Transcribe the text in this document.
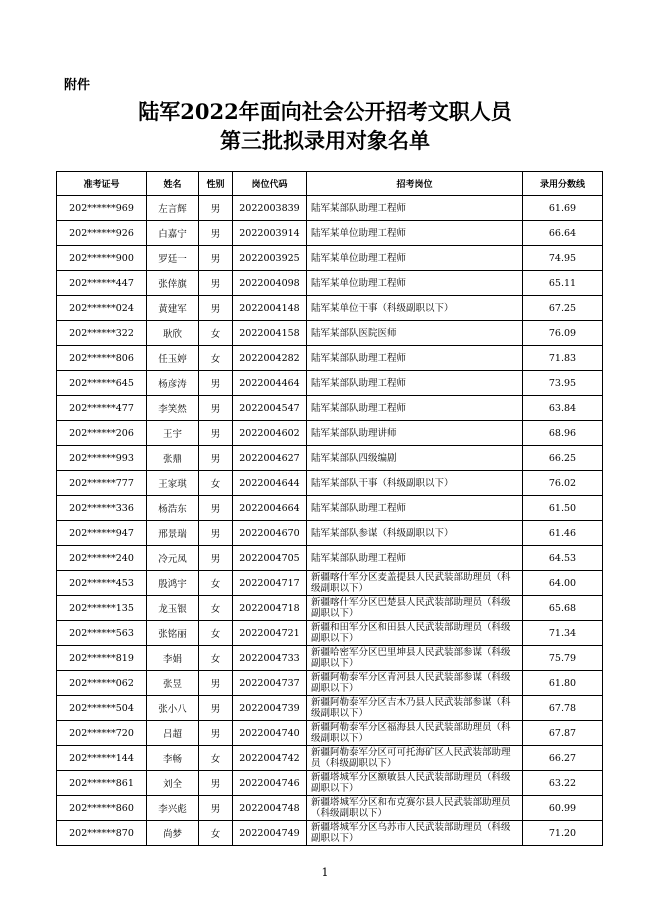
附件
陆军2022年面向社会公开招考文职人员
第三批拟录用对象名单
准考证号	姓名	性别	岗位代码	招考岗位	录用分数线
202******969	左言辉	男	2022003839	陆军某部队助理工程师	61.69
202******926	白嘉宁	男	2022003914	陆军某单位助理工程师	66.64
202******900	罗廷一	男	2022003925	陆军某单位助理工程师	74.95
202******447	张倖旗	男	2022004098	陆军某单位助理工程师	65.11
202******024	黄建军	男	2022004148	陆军某单位干事（科级副职以下）	67.25
202******322	耿欣	女	2022004158	陆军某部队医院医师	76.09
202******806	任玉婷	女	2022004282	陆军某部队助理工程师	71.83
202******645	杨彦涛	男	2022004464	陆军某部队助理工程师	73.95
202******477	李笑然	男	2022004547	陆军某部队助理工程师	63.84
202******206	王宇	男	2022004602	陆军某部队助理讲师	68.96
202******993	张鼎	男	2022004627	陆军某部队四级编剧	66.25
202******777	王家琪	女	2022004644	陆军某部队干事（科级副职以下）	76.02
202******336	杨浩东	男	2022004664	陆军某部队助理工程师	61.50
202******947	邢景瑞	男	2022004670	陆军某部队参谋（科级副职以下）	61.46
202******240	冷元凤	男	2022004705	陆军某部队助理工程师	64.53
202******453	殷鸿宇	女	2022004717	新疆喀什军分区麦盖提县人民武装部助理员（科级副职以下）	64.00
202******135	龙玉银	女	2022004718	新疆喀什军分区巴楚县人民武装部助理员（科级副职以下）	65.68
202******563	张铭丽	女	2022004721	新疆和田军分区和田县人民武装部助理员（科级副职以下）	71.34
202******819	李娟	女	2022004733	新疆哈密军分区巴里坤县人民武装部参谋（科级副职以下）	75.79
202******062	张昱	男	2022004737	新疆阿勒泰军分区青河县人民武装部参谋（科级副职以下）	61.80
202******504	张小八	男	2022004739	新疆阿勒泰军分区吉木乃县人民武装部参谋（科级副职以下）	67.78
202******720	吕超	男	2022004740	新疆阿勒泰军分区福海县人民武装部助理员（科级副职以下）	67.87
202******144	李畅	女	2022004742	新疆阿勒泰军分区可可托海矿区人民武装部助理员（科级副职以下）	66.27
202******861	刘全	男	2022004746	新疆塔城军分区额敏县人民武装部助理员（科级副职以下）	63.22
202******860	李兴彪	男	2022004748	新疆塔城军分区和布克赛尔县人民武装部助理员（科级副职以下）	60.99
202******870	尚梦	女	2022004749	新疆塔城军分区乌苏市人民武装部助理员（科级副职以下）	71.20
1
